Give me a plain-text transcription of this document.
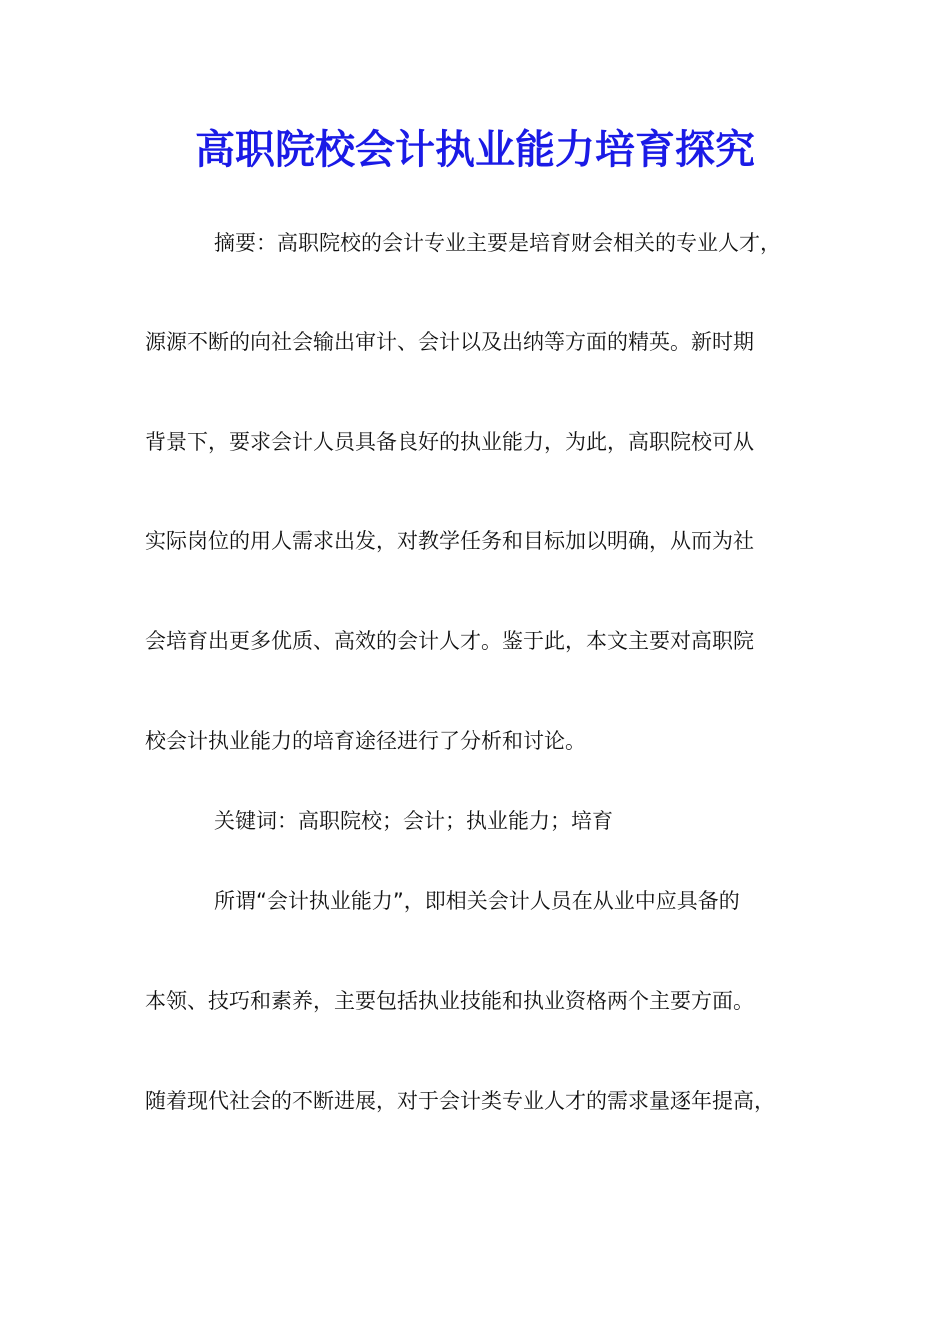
高职院校会计执业能力培育探究
摘要：高职院校的会计专业主要是培育财会相关的专业人才，
源源不断的向社会输出审计、会计以及出纳等方面的精英。新时期
背景下，要求会计人员具备良好的执业能力，为此，高职院校可从
实际岗位的用人需求出发，对教学任务和目标加以明确，从而为社
会培育出更多优质、高效的会计人才。鉴于此，本文主要对高职院
校会计执业能力的培育途径进行了分析和讨论。
关键词：高职院校；会计；执业能力；培育
所谓“会计执业能力”，即相关会计人员在从业中应具备的
本领、技巧和素养，主要包括执业技能和执业资格两个主要方面。
随着现代社会的不断进展，对于会计类专业人才的需求量逐年提高，
